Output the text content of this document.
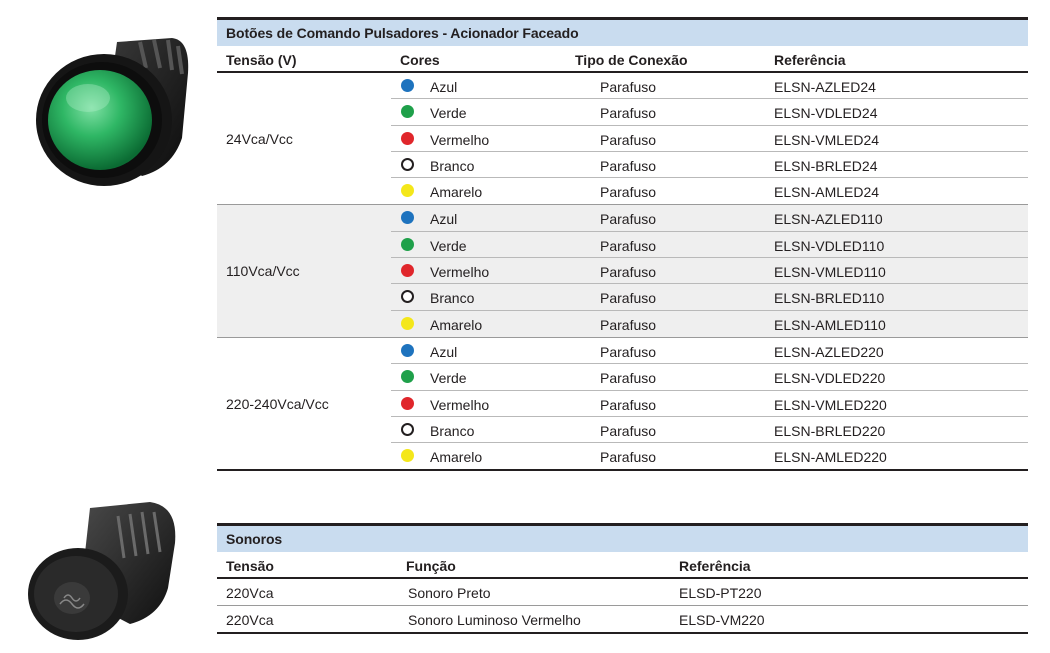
Botões de Comando Pulsadores - Acionador Faceado
Tensão (V)	Cores	Tipo de Conexão	Referência
24Vca/Vcc
Azul	Parafuso	ELSN-AZLED24
Verde	Parafuso	ELSN-VDLED24
Vermelho	Parafuso	ELSN-VMLED24
Branco	Parafuso	ELSN-BRLED24
Amarelo	Parafuso	ELSN-AMLED24
110Vca/Vcc
Azul	Parafuso	ELSN-AZLED110
Verde	Parafuso	ELSN-VDLED110
Vermelho	Parafuso	ELSN-VMLED110
Branco	Parafuso	ELSN-BRLED110
Amarelo	Parafuso	ELSN-AMLED110
220-240Vca/Vcc
Azul	Parafuso	ELSN-AZLED220
Verde	Parafuso	ELSN-VDLED220
Vermelho	Parafuso	ELSN-VMLED220
Branco	Parafuso	ELSN-BRLED220
Amarelo	Parafuso	ELSN-AMLED220
Sonoros
Tensão	Função	Referência
220Vca	Sonoro Preto	ELSD-PT220
220Vca	Sonoro Luminoso Vermelho	ELSD-VM220
